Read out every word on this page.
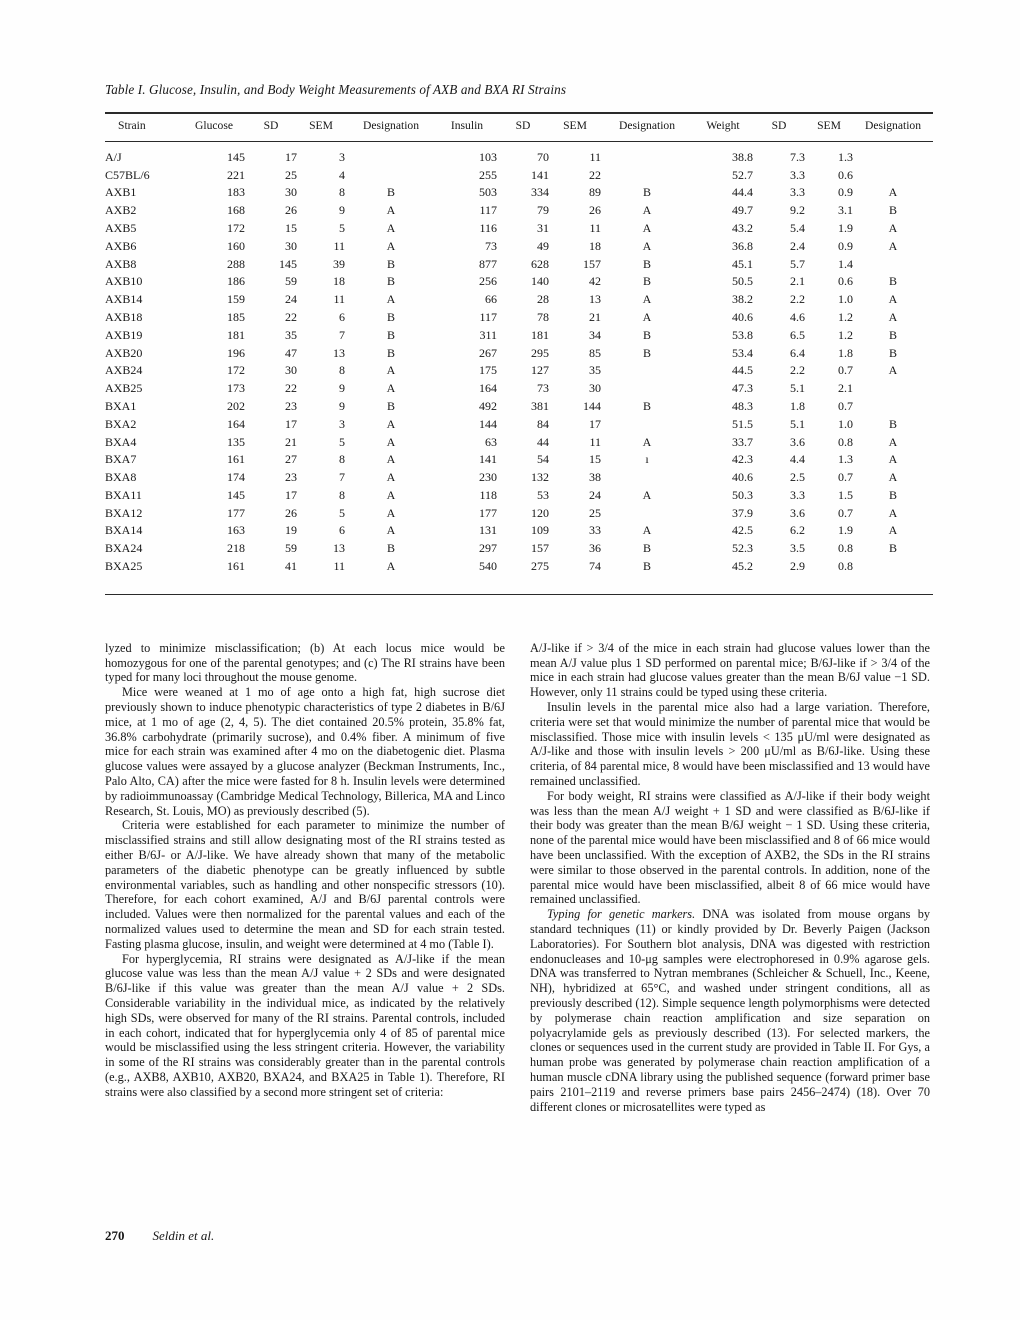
Table I. Glucose, Insulin, and Body Weight Measurements of AXB and BXA RI Strains

Strain	Glucose	SD	SEM	Designation	Insulin	SD	SEM	Designation	Weight	SD	SEM	Designation
A/J	145	17	3		103	70	11		38.8	7.3	1.3	
C57BL/6	221	25	4		255	141	22		52.7	3.3	0.6	
AXB1	183	30	8	B	503	334	89	B	44.4	3.3	0.9	A
AXB2	168	26	9	A	117	79	26	A	49.7	9.2	3.1	B
AXB5	172	15	5	A	116	31	11	A	43.2	5.4	1.9	A
AXB6	160	30	11	A	73	49	18	A	36.8	2.4	0.9	A
AXB8	288	145	39	B	877	628	157	B	45.1	5.7	1.4	
AXB10	186	59	18	B	256	140	42	B	50.5	2.1	0.6	B
AXB14	159	24	11	A	66	28	13	A	38.2	2.2	1.0	A
AXB18	185	22	6	B	117	78	21	A	40.6	4.6	1.2	A
AXB19	181	35	7	B	311	181	34	B	53.8	6.5	1.2	B
AXB20	196	47	13	B	267	295	85	B	53.4	6.4	1.8	B
AXB24	172	30	8	A	175	127	35		44.5	2.2	0.7	A
AXB25	173	22	9	A	164	73	30		47.3	5.1	2.1	
BXA1	202	23	9	B	492	381	144	B	48.3	1.8	0.7	
BXA2	164	17	3	A	144	84	17		51.5	5.1	1.0	B
BXA4	135	21	5	A	63	44	11	A	33.7	3.6	0.8	A
BXA7	161	27	8	A	141	54	15	ı	42.3	4.4	1.3	A
BXA8	174	23	7	A	230	132	38		40.6	2.5	0.7	A
BXA11	145	17	8	A	118	53	24	A	50.3	3.3	1.5	B
BXA12	177	26	5	A	177	120	25		37.9	3.6	0.7	A
BXA14	163	19	6	A	131	109	33	A	42.5	6.2	1.9	A
BXA24	218	59	13	B	297	157	36	B	52.3	3.5	0.8	B
BXA25	161	41	11	A	540	275	74	B	45.2	2.9	0.8	

lyzed to minimize misclassification; (b) At each locus mice would be homozygous for one of the parental genotypes; and (c) The RI strains have been typed for many loci throughout the mouse genome.

Mice were weaned at 1 mo of age onto a high fat, high sucrose diet previously shown to induce phenotypic characteristics of type 2 diabetes in B/6J mice, at 1 mo of age (2, 4, 5). The diet contained 20.5% protein, 35.8% fat, 36.8% carbohydrate (primarily sucrose), and 0.4% fiber. A minimum of five mice for each strain was examined after 4 mo on the diabetogenic diet. Plasma glucose values were assayed by a glucose analyzer (Beckman Instruments, Inc., Palo Alto, CA) after the mice were fasted for 8 h. Insulin levels were determined by radioimmunoassay (Cambridge Medical Technology, Billerica, MA and Linco Research, St. Louis, MO) as previously described (5).

Criteria were established for each parameter to minimize the number of misclassified strains and still allow designating most of the RI strains tested as either B/6J- or A/J-like. We have already shown that many of the metabolic parameters of the diabetic phenotype can be greatly influenced by subtle environmental variables, such as handling and other nonspecific stressors (10). Therefore, for each cohort examined, A/J and B/6J parental controls were included. Values were then normalized for the parental values and each of the normalized values used to determine the mean and SD for each strain tested. Fasting plasma glucose, insulin, and weight were determined at 4 mo (Table I).

For hyperglycemia, RI strains were designated as A/J-like if the mean glucose value was less than the mean A/J value + 2 SDs and were designated B/6J-like if this value was greater than the mean A/J value + 2 SDs. Considerable variability in the individual mice, as indicated by the relatively high SDs, were observed for many of the RI strains. Parental controls, included in each cohort, indicated that for hyperglycemia only 4 of 85 of parental mice would be misclassified using the less stringent criteria. However, the variability in some of the RI strains was considerably greater than in the parental controls (e.g., AXB8, AXB10, AXB20, BXA24, and BXA25 in Table 1). Therefore, RI strains were also classified by a second more stringent set of criteria:

A/J-like if > 3/4 of the mice in each strain had glucose values lower than the mean A/J value plus 1 SD performed on parental mice; B/6J-like if > 3/4 of the mice in each strain had glucose values greater than the mean B/6J value −1 SD. However, only 11 strains could be typed using these criteria.

Insulin levels in the parental mice also had a large variation. Therefore, criteria were set that would minimize the number of parental mice that would be misclassified. Those mice with insulin levels < 135 μU/ml were designated as A/J-like and those with insulin levels > 200 μU/ml as B/6J-like. Using these criteria, of 84 parental mice, 8 would have been misclassified and 13 would have remained unclassified.

For body weight, RI strains were classified as A/J-like if their body weight was less than the mean A/J weight + 1 SD and were classified as B/6J-like if their body was greater than the mean B/6J weight − 1 SD. Using these criteria, none of the parental mice would have been misclassified and 8 of 66 mice would have been unclassified. With the exception of AXB2, the SDs in the RI strains were similar to those observed in the parental controls. In addition, none of the parental mice would have been misclassified, albeit 8 of 66 mice would have remained unclassified.

Typing for genetic markers. DNA was isolated from mouse organs by standard techniques (11) or kindly provided by Dr. Beverly Paigen (Jackson Laboratories). For Southern blot analysis, DNA was digested with restriction endonucleases and 10-μg samples were electrophoresed in 0.9% agarose gels. DNA was transferred to Nytran membranes (Schleicher & Schuell, Inc., Keene, NH), hybridized at 65°C, and washed under stringent conditions, all as previously described (12). Simple sequence length polymorphisms were detected by polymerase chain reaction amplification and size separation on polyacrylamide gels as previously described (13). For selected markers, the clones or sequences used in the current study are provided in Table II. For Gys, a human probe was generated by polymerase chain reaction amplification of a human muscle cDNA library using the published sequence (forward primer base pairs 2101–2119 and reverse primers base pairs 2456–2474) (18). Over 70 different clones or microsatellites were typed as

270 Seldin et al.
